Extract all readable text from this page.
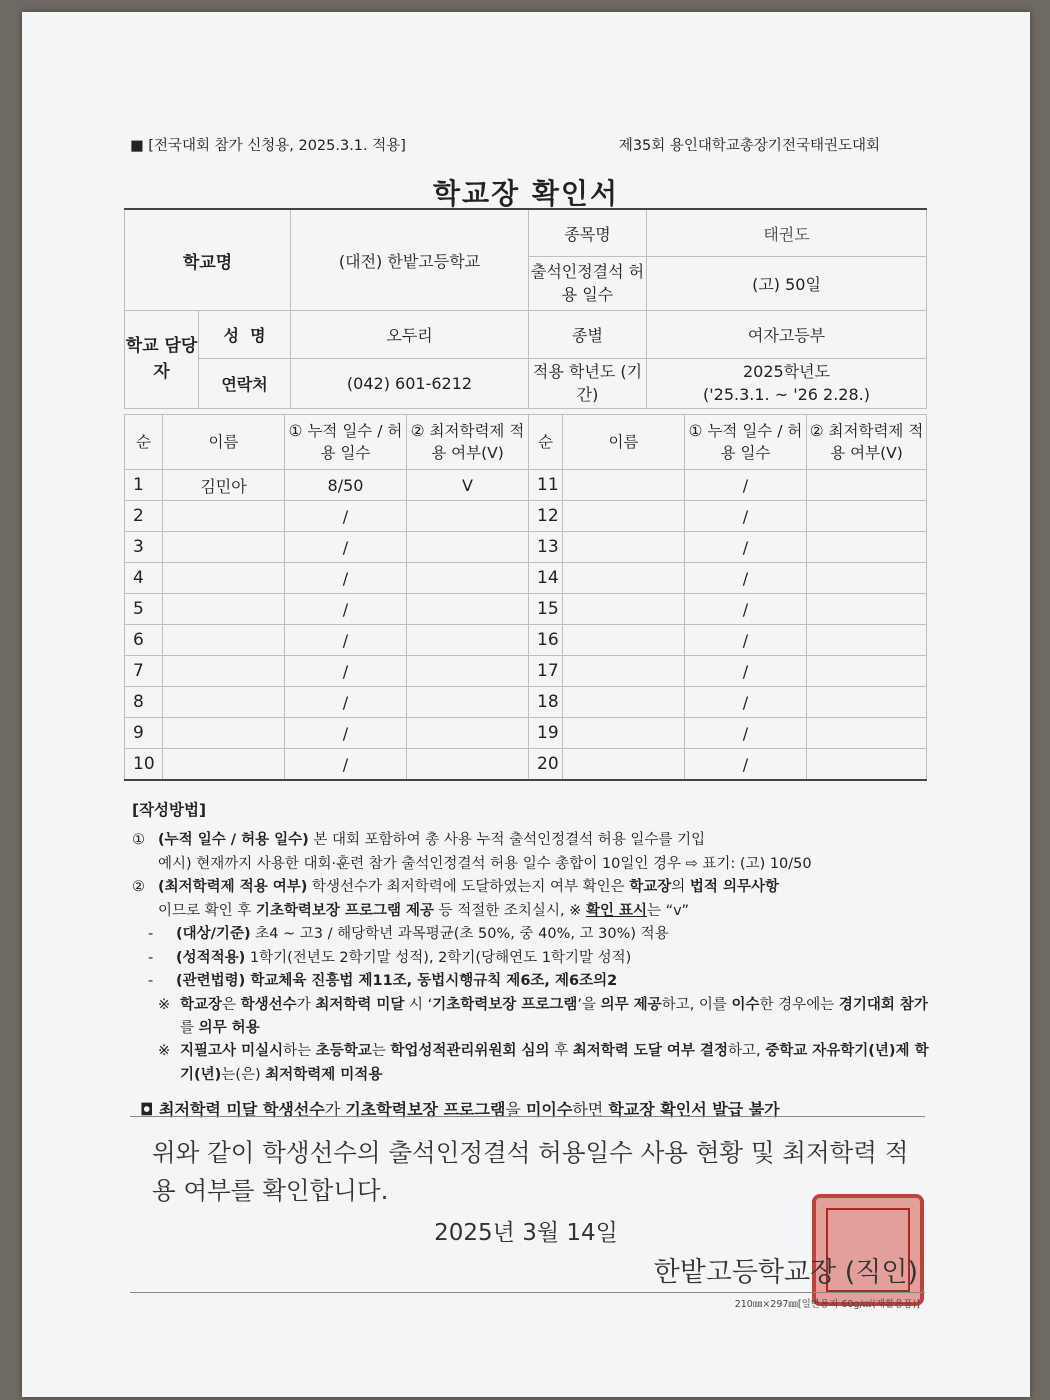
■ [전국대회 참가 신청용, 2025.3.1. 적용]	제35회 용인대학교총장기전국태권도대회
학교장 확인서
학교명		(대전) 한밭고등학교	종목명	태권도
			출석인정결석 허용 일수	(고) 50일
학교 담당자	성  명	오두리	종별	여자고등부
	연락처	(042) 601-6212	적용 학년도 (기간)	2025학년도
('25.3.1. ~ '26 2.28.)
순	이름	① 누적 일수 / 허용 일수	② 최저학력제 적용 여부(V)	순	이름	① 누적 일수 / 허용 일수	② 최저학력제 적용 여부(V)
1	김민아	8/50	V	11		/	
2		/		12		/	
3		/		13		/	
4		/		14		/	
5		/		15		/	
6		/		16		/	
7		/		17		/	
8		/		18		/	
9		/		19		/	
10		/		20		/	
[작성방법]
① (누적 일수 / 허용 일수) 본 대회 포함하여 총 사용 누적 출석인정결석 허용 일수를 기입
예시) 현재까지 사용한 대회·훈련 참가 출석인정결석 허용 일수 총합이 10일인 경우 ⇨ 표기: (고) 10/50
② (최저학력제 적용 여부) 학생선수가 최저학력에 도달하였는지 여부 확인은 학교장의 법적 의무사항
이므로 확인 후 기초학력보장 프로그램 제공 등 적절한 조치실시, ※ 확인 표시는 “v”
- (대상/기준) 초4 ~ 고3 / 해당학년 과목평균(초 50%, 중 40%, 고 30%) 적용
- (성적적용) 1학기(전년도 2학기말 성적), 2학기(당해연도 1학기말 성적)
- (관련법령) 학교체육 진흥법 제11조, 동법시행규칙 제6조, 제6조의2
※ 학교장은 학생선수가 최저학력 미달 시 ‘기초학력보장 프로그램’을 의무 제공하고, 이를 이수한 경우에는 경기대회 참가를 의무 허용
※ 지필고사 미실시하는 초등학교는 학업성적관리위원회 심의 후 최저학력 도달 여부 결정하고, 중학교 자유학기(년)제 학기(년)는(은) 최저학력제 미적용
◘ 최저학력 미달 학생선수가 기초학력보장 프로그램을 미이수하면 학교장 확인서 발급 불가
위와 같이 학생선수의 출석인정결석 허용일수 사용 현황 및 최저학력 적용 여부를 확인합니다.
2025년 3월 14일
한밭고등학교장 (직인)
210㎜×297㎜[일반용지 60g/㎡(재활용품)]
